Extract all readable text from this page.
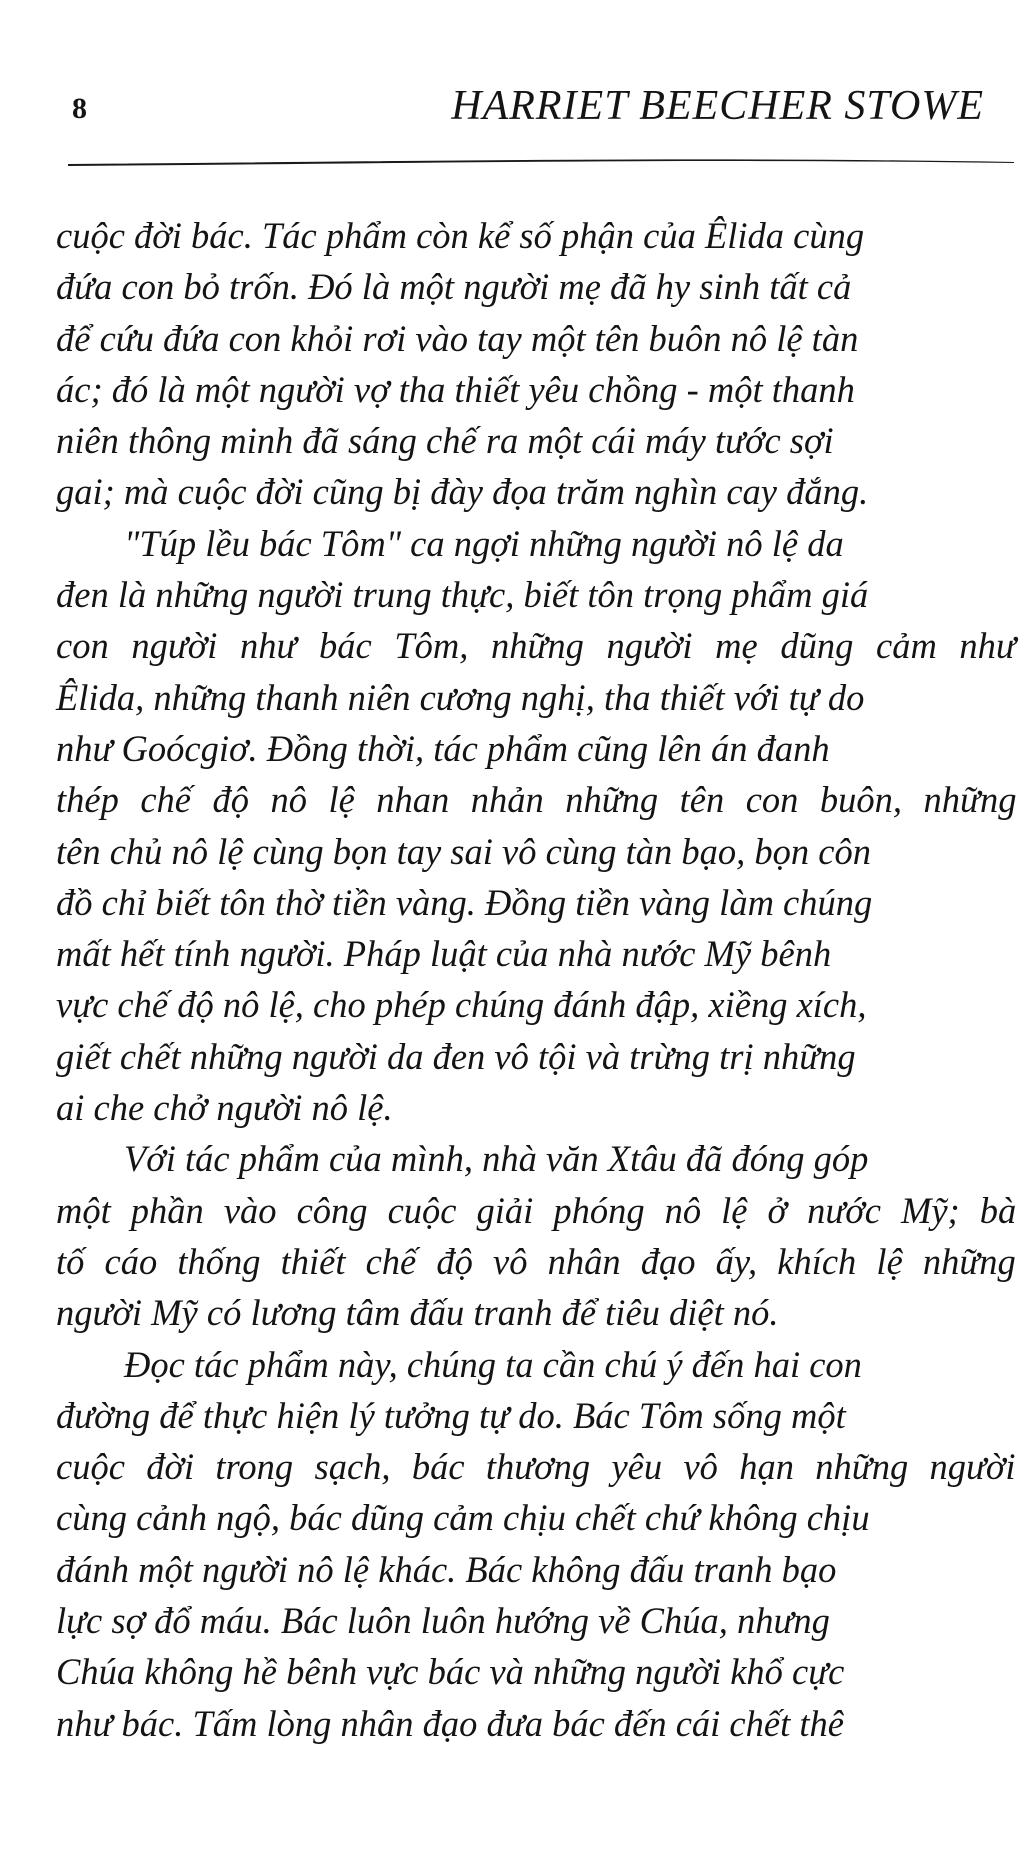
8	HARRIET BEECHER STOWE
cuộc đời bác. Tác phẩm còn kể số phận của Êlida cùng
đứa con bỏ trốn. Đó là một người mẹ đã hy sinh tất cả
để cứu đứa con khỏi rơi vào tay một tên buôn nô lệ tàn
ác; đó là một người vợ tha thiết yêu chồng - một thanh
niên thông minh đã sáng chế ra một cái máy tước sợi
gai; mà cuộc đời cũng bị đày đọa trăm nghìn cay đắng.
"Túp lều bác Tôm" ca ngợi những người nô lệ da
đen là những người trung thực, biết tôn trọng phẩm giá
con người như bác Tôm, những người mẹ dũng cảm như
Êlida, những thanh niên cương nghị, tha thiết với tự do
như Goócgiơ. Đồng thời, tác phẩm cũng lên án đanh
thép chế độ nô lệ nhan nhản những tên con buôn, những
tên chủ nô lệ cùng bọn tay sai vô cùng tàn bạo, bọn côn
đồ chỉ biết tôn thờ tiền vàng. Đồng tiền vàng làm chúng
mất hết tính người. Pháp luật của nhà nước Mỹ bênh
vực chế độ nô lệ, cho phép chúng đánh đập, xiềng xích,
giết chết những người da đen vô tội và trừng trị những
ai che chở người nô lệ.
Với tác phẩm của mình, nhà văn Xtâu đã đóng góp
một phần vào công cuộc giải phóng nô lệ ở nước Mỹ; bà
tố cáo thống thiết chế độ vô nhân đạo ấy, khích lệ những
người Mỹ có lương tâm đấu tranh để tiêu diệt nó.
Đọc tác phẩm này, chúng ta cần chú ý đến hai con
đường để thực hiện lý tưởng tự do. Bác Tôm sống một
cuộc đời trong sạch, bác thương yêu vô hạn những người
cùng cảnh ngộ, bác dũng cảm chịu chết chứ không chịu
đánh một người nô lệ khác. Bác không đấu tranh bạo
lực sợ đổ máu. Bác luôn luôn hướng về Chúa, nhưng
Chúa không hề bênh vực bác và những người khổ cực
như bác. Tấm lòng nhân đạo đưa bác đến cái chết thê
